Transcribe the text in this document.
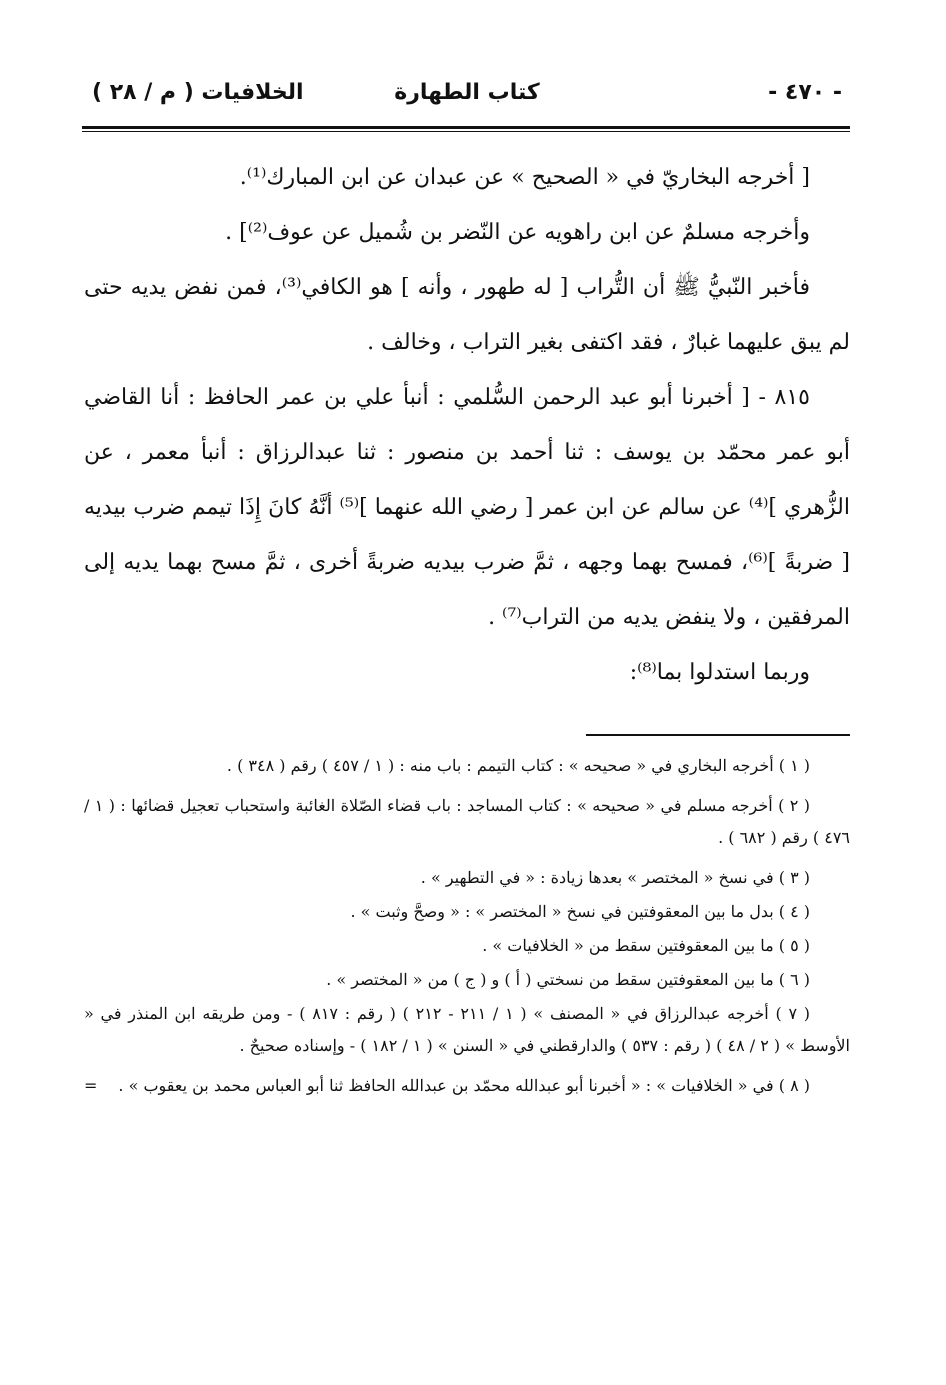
- ٤٧٠ -
كتاب الطهارة
الخلافيات ( م / ٢٨ )

[ أخرجه البخاريّ في « الصحيح » عن عبدان عن ابن المبارك⁽¹⁾.

وأخرجه مسلمٌ عن ابن راهويه عن النّضر بن شُميل عن عوف⁽²⁾] .

فأخبر النّبيُّ ﷺ أن التُّراب [ له طهور ، وأنه ] هو الكافي⁽³⁾، فمن نفض يديه حتى لم يبق عليهما غبارٌ ، فقد اكتفى بغير التراب ، وخالف .

٨١٥ - [ أخبرنا أبو عبد الرحمن السُّلمي : أنبأ علي بن عمر الحافظ : أنا القاضي أبو عمر محمّد بن يوسف : ثنا أحمد بن منصور : ثنا عبدالرزاق : أنبأ معمر ، عن الزُّهري ]⁽⁴⁾ عن سالم عن ابن عمر [ رضي الله عنهما ]⁽⁵⁾ أنَّهُ كانَ إِذَا تيمم ضرب بيديه [ ضربةً ]⁽⁶⁾، فمسح بهما وجهه ، ثمَّ ضرب بيديه ضربةً أخرى ، ثمَّ مسح بهما يديه إلى المرفقين ، ولا ينفض يديه من التراب⁽⁷⁾ .

وربما استدلوا بما⁽⁸⁾:

( ١ ) أخرجه البخاري في « صحيحه » : كتاب التيمم : باب منه : ( ١ / ٤٥٧ ) رقم ( ٣٤٨ ) .

( ٢ ) أخرجه مسلم في « صحيحه » : كتاب المساجد : باب قضاء الصّلاة الغائبة واستحباب تعجيل قضائها : ( ١ / ٤٧٦ ) رقم ( ٦٨٢ ) .

( ٣ ) في نسخ « المختصر » بعدها زيادة : « في التطهير » .

( ٤ ) بدل ما بين المعقوفتين في نسخ « المختصر » : « وصحَّ وثبت » .

( ٥ ) ما بين المعقوفتين سقط من « الخلافيات » .

( ٦ ) ما بين المعقوفتين سقط من نسختي ( أ ) و ( ج ) من « المختصر » .

( ٧ ) أخرجه عبدالرزاق في « المصنف » ( ١ / ٢١١ - ٢١٢ ) ( رقم : ٨١٧ ) - ومن طريقه ابن المنذر في « الأوسط » ( ٢ / ٤٨ ) ( رقم : ٥٣٧ ) والدارقطني في « السنن » ( ١ / ١٨٢ ) - وإسناده صحيحٌ .

( ٨ ) في « الخلافيات » : « أخبرنا أبو عبدالله محمّد بن عبدالله الحافظ ثنا أبو العباس محمد بن يعقوب » .

=
